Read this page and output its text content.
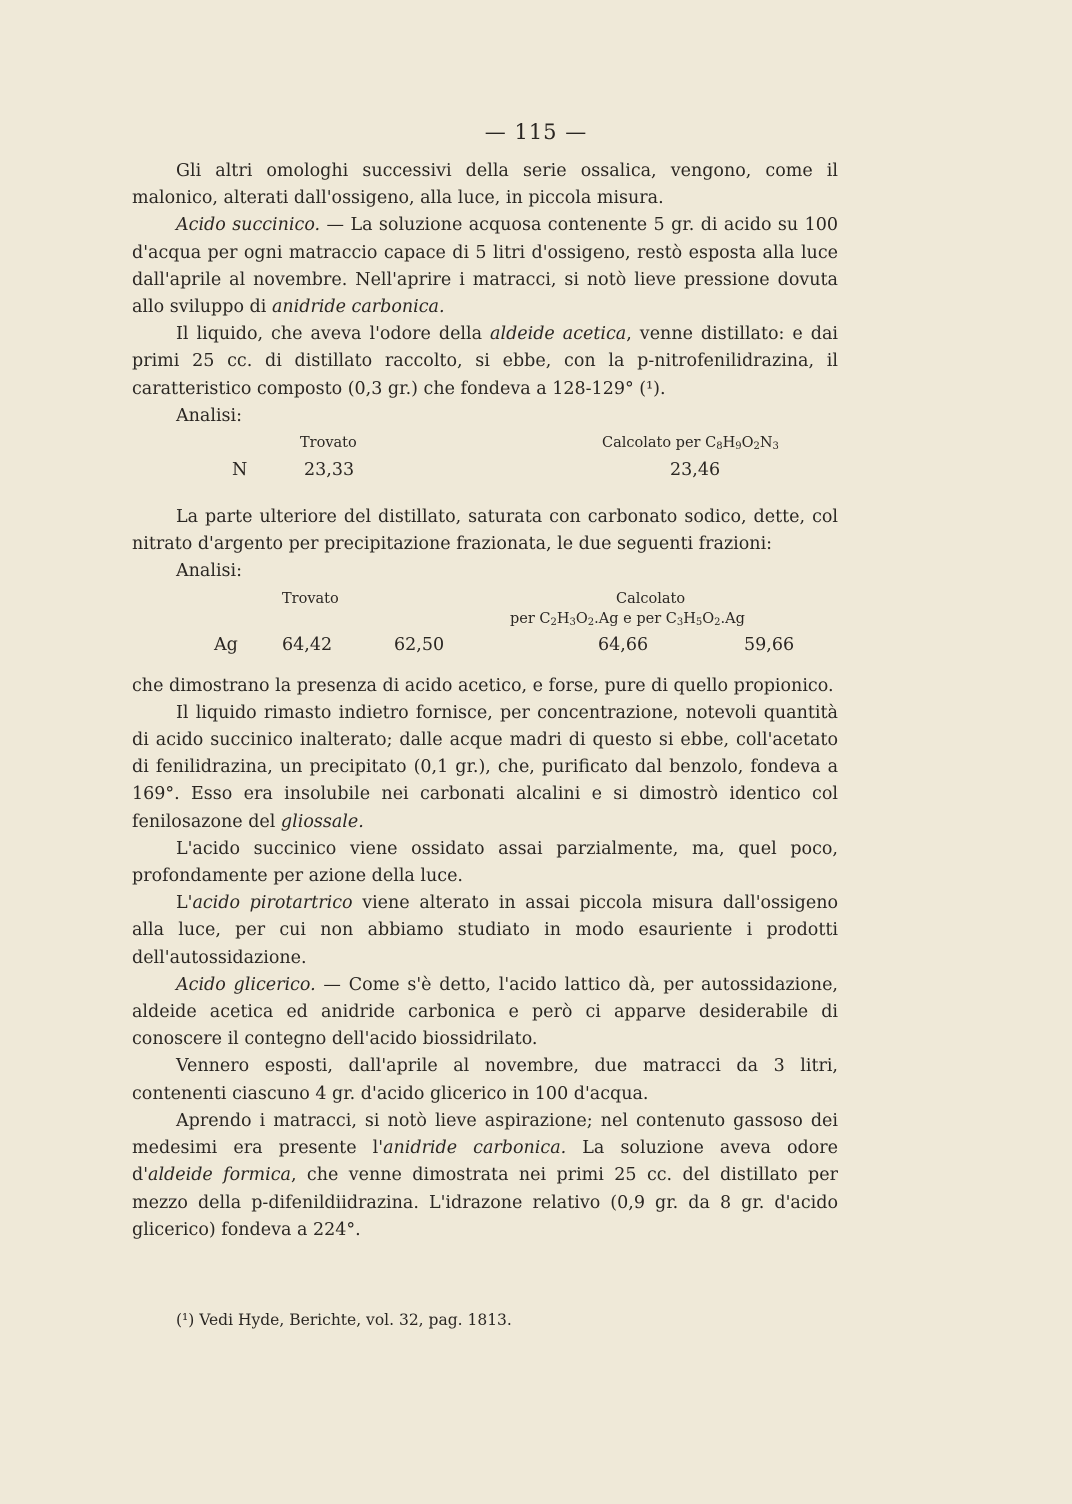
— 115 —

Gli altri omologhi successivi della serie ossalica, vengono, come il malonico, alterati dall'ossigeno, alla luce, in piccola misura.

Acido succinico. — La soluzione acquosa contenente 5 gr. di acido su 100 d'acqua per ogni matraccio capace di 5 litri d'ossigeno, restò esposta alla luce dall'aprile al novembre. Nell'aprire i matracci, si notò lieve pressione dovuta allo sviluppo di anidride carbonica.

Il liquido, che aveva l'odore della aldeide acetica, venne distillato: e dai primi 25 cc. di distillato raccolto, si ebbe, con la p-nitrofenilidrazina, il caratteristico composto (0,3 gr.) che fondeva a 128-129° (¹).

Analisi:
Trovato	Calcolato per $C_8H_9O_2N_3$
N	23,33	23,46

La parte ulteriore del distillato, saturata con carbonato sodico, dette, col nitrato d'argento per precipitazione frazionata, le due seguenti frazioni:

Analisi:
Trovato	Calcolato
per $C_2H_3O_2.Ag$ e per $C_3H_5O_2.Ag$
Ag	64,42	62,50	64,66	59,66

che dimostrano la presenza di acido acetico, e forse, pure di quello propionico.

Il liquido rimasto indietro fornisce, per concentrazione, notevoli quantità di acido succinico inalterato; dalle acque madri di questo si ebbe, coll'acetato di fenilidrazina, un precipitato (0,1 gr.), che, purificato dal benzolo, fondeva a 169°. Esso era insolubile nei carbonati alcalini e si dimostrò identico col fenilosazone del gliossale.

L'acido succinico viene ossidato assai parzialmente, ma, quel poco, profondamente per azione della luce.

L'acido pirotartrico viene alterato in assai piccola misura dall'ossigeno alla luce, per cui non abbiamo studiato in modo esauriente i prodotti dell'autossidazione.

Acido glicerico. — Come s'è detto, l'acido lattico dà, per autossidazione, aldeide acetica ed anidride carbonica e però ci apparve desiderabile di conoscere il contegno dell'acido biossidrilato.

Vennero esposti, dall'aprile al novembre, due matracci da 3 litri, contenenti ciascuno 4 gr. d'acido glicerico in 100 d'acqua.

Aprendo i matracci, si notò lieve aspirazione; nel contenuto gassoso dei medesimi era presente l'anidride carbonica. La soluzione aveva odore d'aldeide formica, che venne dimostrata nei primi 25 cc. del distillato per mezzo della p-difenildiidrazina. L'idrazone relativo (0,9 gr. da 8 gr. d'acido glicerico) fondeva a 224°.

(¹) Vedi Hyde, Berichte, vol. 32, pag. 1813.
